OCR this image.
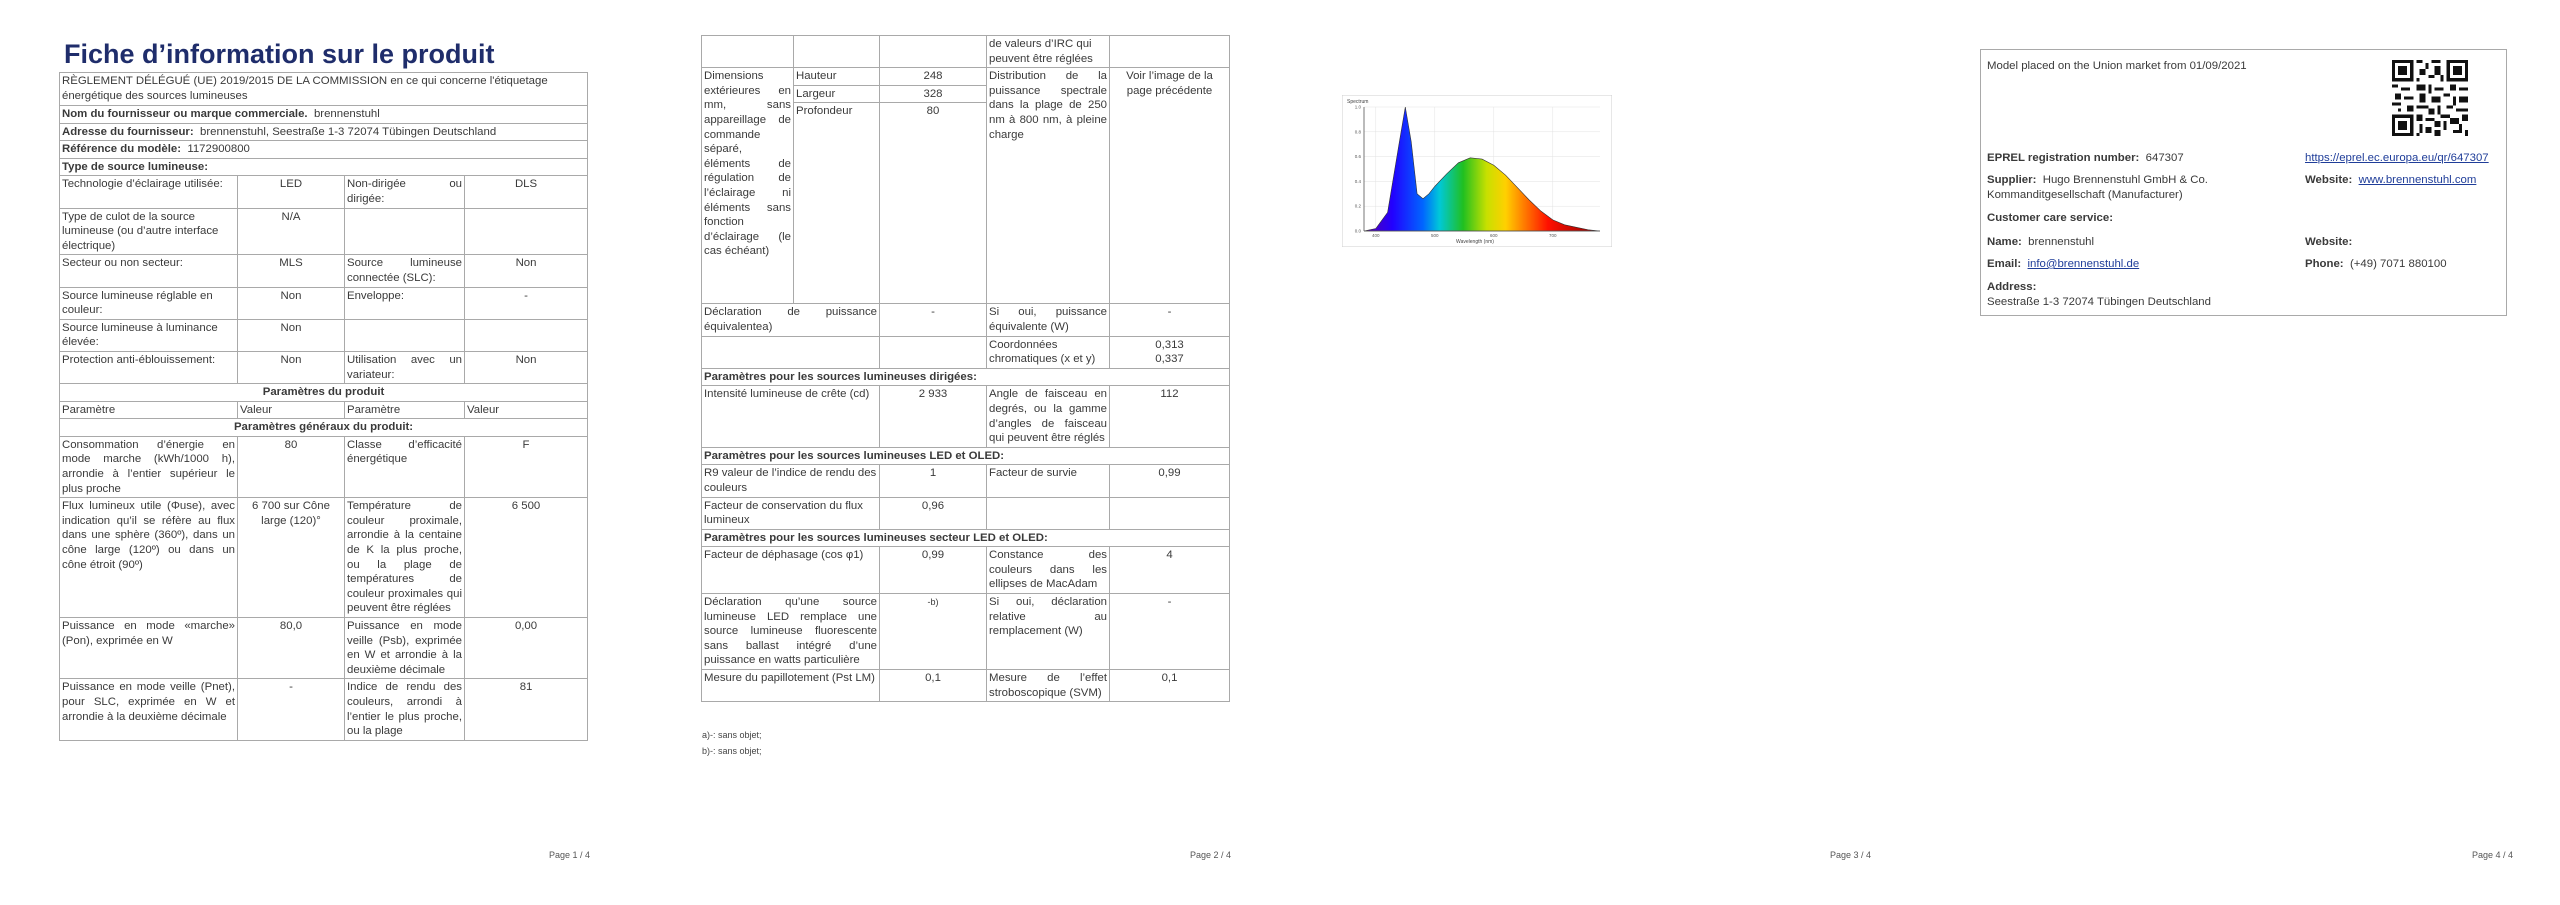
Fiche d’information sur le produit
RÈGLEMENT DÉLÉGUÉ (UE) 2019/2015 DE LA COMMISSION en ce qui concerne l'étiquetage énergétique des sources lumineuses			
Nom du fournisseur ou marque commerciale. brennenstuhl			
Adresse du fournisseur: brennenstuhl, Seestraße 1-3 72074 Tübingen Deutschland			
Référence du modèle: 1172900800			
Type de source lumineuse:			
Technologie d’éclairage utilisée:	LED	Non-dirigée ou dirigée:	DLS
Type de culot de la source lumineuse (ou d’autre interface électrique)	N/A		
Secteur ou non secteur:	MLS	Source lumineuse connectée (SLC):	Non
Source lumineuse réglable en couleur:	Non	Enveloppe:	-
Source lumineuse à luminance élevée:	Non		
Protection anti-éblouissement:	Non	Utilisation avec un variateur:	Non
Paramètres du produit			
Paramètre	Valeur	Paramètre	Valeur
Paramètres généraux du produit:			
Consommation d’énergie en mode marche (kWh/1000 h), arrondie à l’entier supérieur le plus proche	80	Classe d’efficacité énergétique	F
Flux lumineux utile (Φuse), avec indication qu’il se réfère au flux dans une sphère (360º), dans un cône large (120º) ou dans un cône étroit (90º)	6 700 sur Cône large (120)°	Température de couleur proximale, arrondie à la centaine de K la plus proche, ou la plage de températures de couleur proximales qui peuvent être réglées	6 500
Puissance en mode «marche» (Pon), exprimée en W	80,0	Puissance en mode veille (Psb), exprimée en W et arrondie à la deuxième décimale	0,00
Puissance en mode veille (Pnet), pour SLC, exprimée en W et arrondie à la deuxième décimale	-	Indice de rendu des couleurs, arrondi à l’entier le plus proche, ou la plage	81
Page 1 / 4
			de valeurs d’IRC qui peuvent être réglées	
Dimensions extérieures en mm, sans appareillage de commande séparé, éléments de régulation de l’éclairage ni éléments sans fonction d’éclairage (le cas échéant)	Hauteur	248	Distribution de la puissance spectrale dans la plage de 250 nm à 800 nm, à pleine charge	Voir l’image de la page précédente
	Largeur	328		
	Profondeur	80		
Déclaration de puissance équivalentea)		-	Si oui, puissance équivalente (W)	-
			Coordonnées chromatiques (x et y)	0,313
0,337
Paramètres pour les sources lumineuses dirigées:				
Intensité lumineuse de crête (cd)		2 933	Angle de faisceau en degrés, ou la gamme d’angles de faisceau qui peuvent être réglés	112
Paramètres pour les sources lumineuses LED et OLED:				
R9 valeur de l’indice de rendu des couleurs		1	Facteur de survie	0,99
Facteur de conservation du flux lumineux		0,96		
Paramètres pour les sources lumineuses secteur LED et OLED:				
Facteur de déphasage (cos φ1)		0,99	Constance des couleurs dans les ellipses de MacAdam	4
Déclaration qu’une source lumineuse LED remplace une source lumineuse fluorescente sans ballast intégré d’une puissance en watts particulière		-b)	Si oui, déclaration relative au remplacement (W)	-
Mesure du papillotement (Pst LM)		0,1	Mesure de l’effet stroboscopique (SVM)	0,1
a)-: sans objet;
b)-: sans objet;
Page 2 / 4
0.0
0.2
0.4
0.6
0.8
1.0
400	500	600	700
Spectrum
Wavelength (nm)
Page 3 / 4
Model placed on the Union market from 01/09/2021
EPREL registration number: 647307	https://eprel.ec.europa.eu/qr/647307
Supplier: Hugo Brennenstuhl GmbH & Co. Kommanditgesellschaft (Manufacturer)
Website: www.brennenstuhl.com
Customer care service:
Name: brennenstuhl	Website:
Email: info@brennenstuhl.de	Phone: (+49) 7071 880100
Address:
Seestraße 1-3 72074 Tübingen Deutschland
Page 4 / 4
